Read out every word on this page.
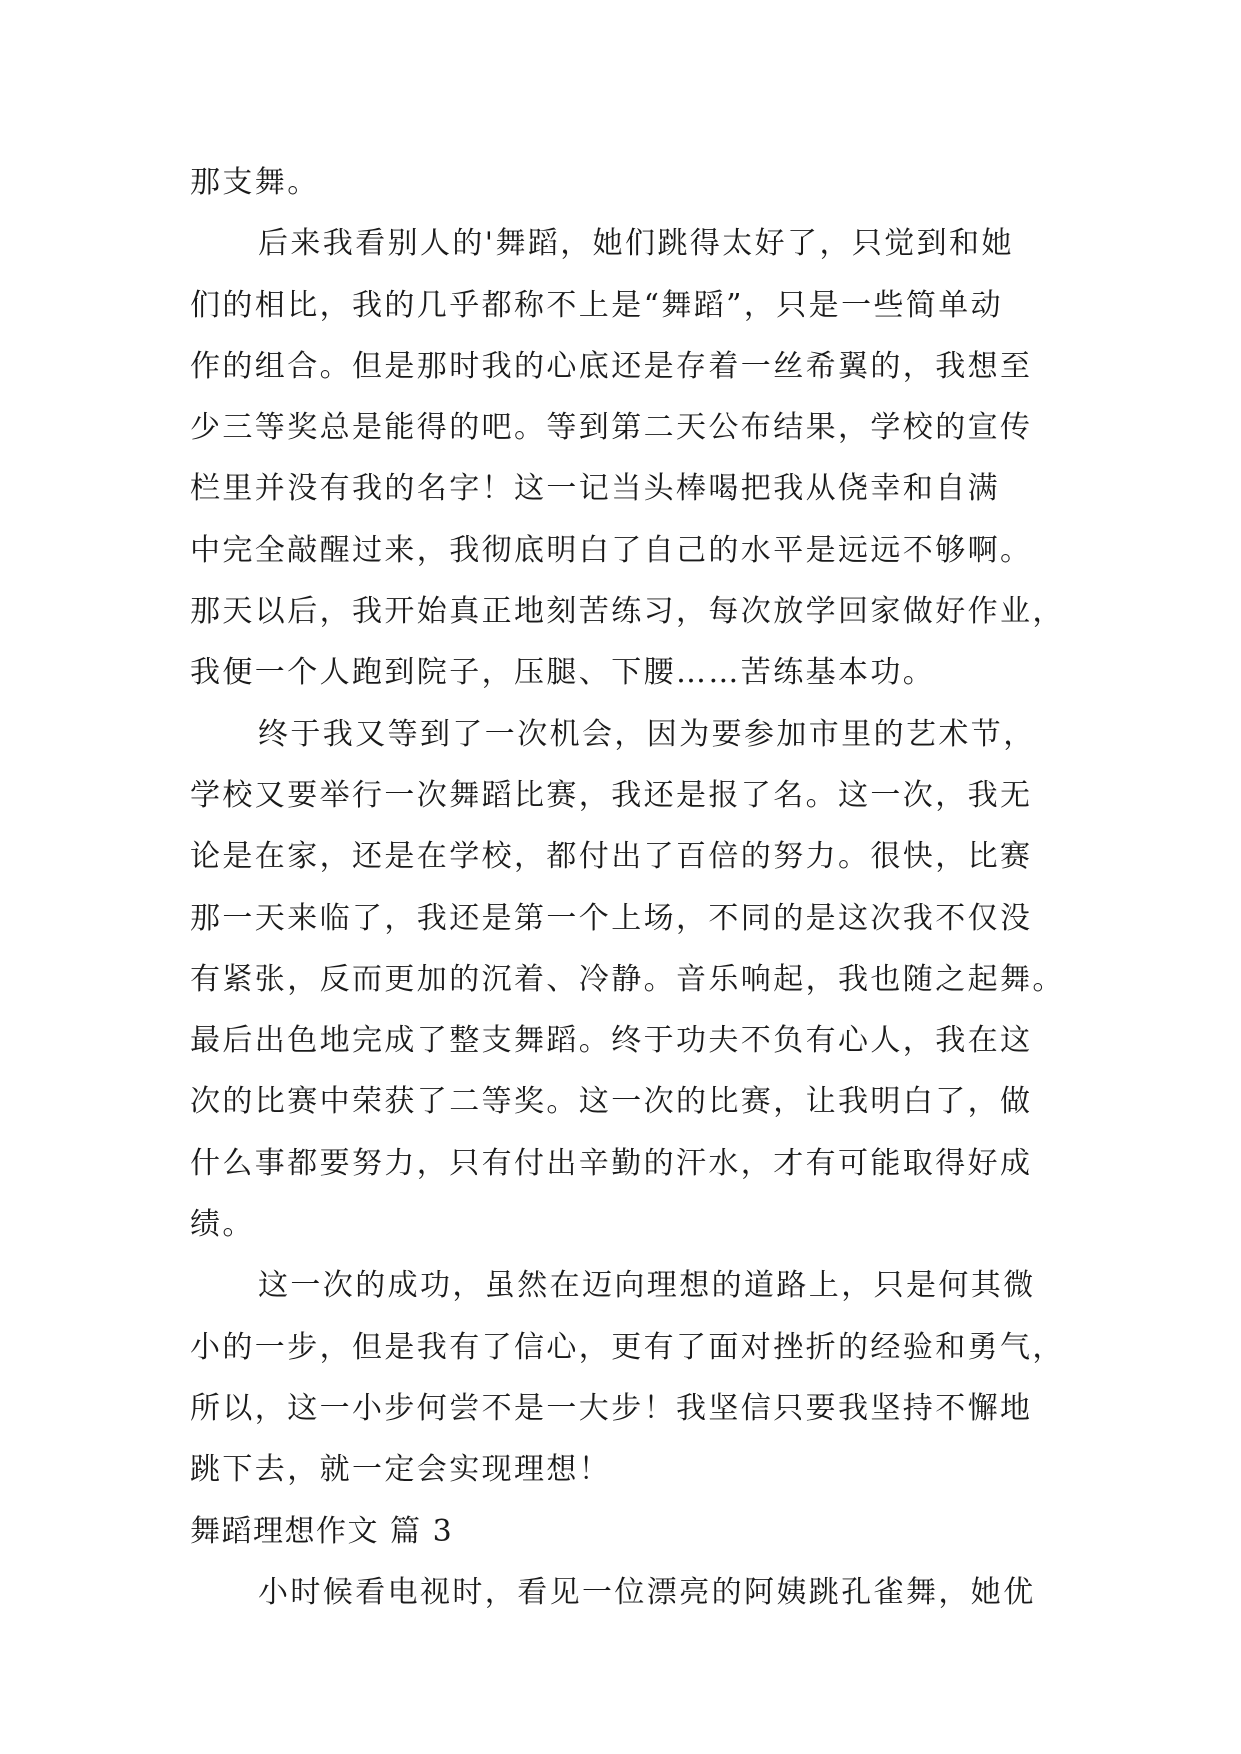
那支舞。
后来我看别人的'舞蹈，她们跳得太好了，只觉到和她
们的相比，我的几乎都称不上是“舞蹈”，只是一些简单动
作的组合。但是那时我的心底还是存着一丝希翼的，我想至
少三等奖总是能得的吧。等到第二天公布结果，学校的宣传
栏里并没有我的名字！这一记当头棒喝把我从侥幸和自满
中完全敲醒过来，我彻底明白了自己的水平是远远不够啊。
那天以后，我开始真正地刻苦练习，每次放学回家做好作业，
我便一个人跑到院子，压腿、下腰……苦练基本功。
终于我又等到了一次机会，因为要参加市里的艺术节，
学校又要举行一次舞蹈比赛，我还是报了名。这一次，我无
论是在家，还是在学校，都付出了百倍的努力。很快，比赛
那一天来临了，我还是第一个上场，不同的是这次我不仅没
有紧张，反而更加的沉着、冷静。音乐响起，我也随之起舞。
最后出色地完成了整支舞蹈。终于功夫不负有心人，我在这
次的比赛中荣获了二等奖。这一次的比赛，让我明白了，做
什么事都要努力，只有付出辛勤的汗水，才有可能取得好成
绩。
这一次的成功，虽然在迈向理想的道路上，只是何其微
小的一步，但是我有了信心，更有了面对挫折的经验和勇气，
所以，这一小步何尝不是一大步！我坚信只要我坚持不懈地
跳下去，就一定会实现理想！
舞蹈理想作文 篇 3
小时候看电视时，看见一位漂亮的阿姨跳孔雀舞，她优
